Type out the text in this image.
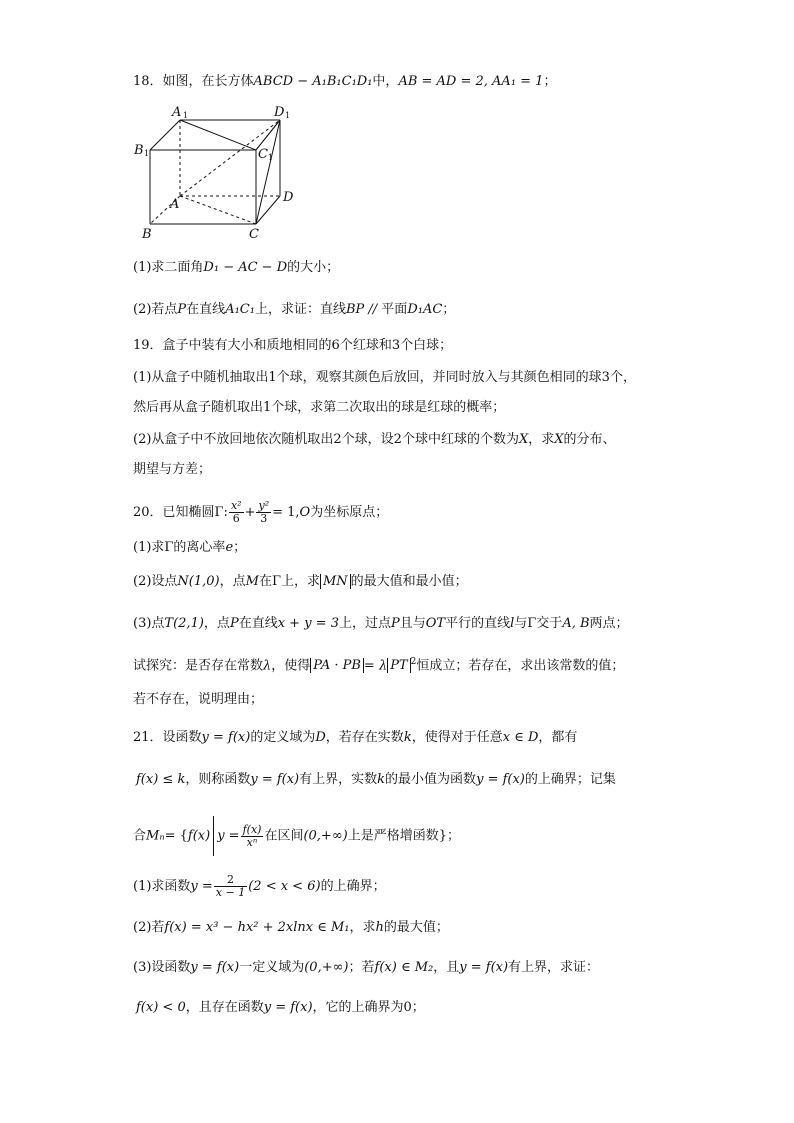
18．如图，在长方体ABCD − A₁B₁C₁D₁中，AB = AD = 2, AA₁ = 1；
A 1	D 1
B 1	C 1
A	D
B	C
(1)求二面角D₁ − AC − D的大小；
(2)若点P在直线A₁C₁上，求证：直线BP // 平面D₁AC；
19．盒子中装有大小和质地相同的6个红球和3个白球；
(1)从盒子中随机抽取出1个球，观察其颜色后放回，并同时放入与其颜色相同的球3个，
然后再从盒子随机取出1个球，求第二次取出的球是红球的概率；
(2)从盒子中不放回地依次随机取出2个球，设2个球中红球的个数为X，求X的分布、
期望与方差；
20．已知椭圆Γ: $\frac{\text{x²}}{6} + \frac{\text{y²}}{3} = 1,O$为坐标原点；
(1)求Γ的离心率e；
(2)设点N(1,0)，点M在Γ上，求 MN 的最大值和最小值；
(3)点T(2,1)，点P在直线x + y = 3上，过点P且与OT平行的直线l与Γ交于A, B两点；
试探究：是否存在常数λ，使得 PA · PB = λ PT $^2$恒成立；若存在，求出该常数的值；
若不存在，说明理由；
21．设函数y = f(x)的定义域为D，若存在实数k，使得对于任意x ∈ D，都有
f(x) ≤ k，则称函数y = f(x)有上界，实数k的最小值为函数y = f(x)的上确界；记集
合Mₙ= {f(x) $y = \frac{f(x)}{\text{xⁿ}}$ 在区间(0,+∞)上是严格增函数}；
(1)求函数$y = \frac{2}{x - 1} (2 < x < 6)$的上确界；
(2)若f(x) = x³ − hx² + 2xlnx ∈ M₁，求h的最大值；
(3)设函数y = f(x)一定义域为(0,+∞)；若f(x) ∈ M₂，且y = f(x)有上界，求证：
f(x) < 0，且存在函数y = f(x)，它的上确界为0；
